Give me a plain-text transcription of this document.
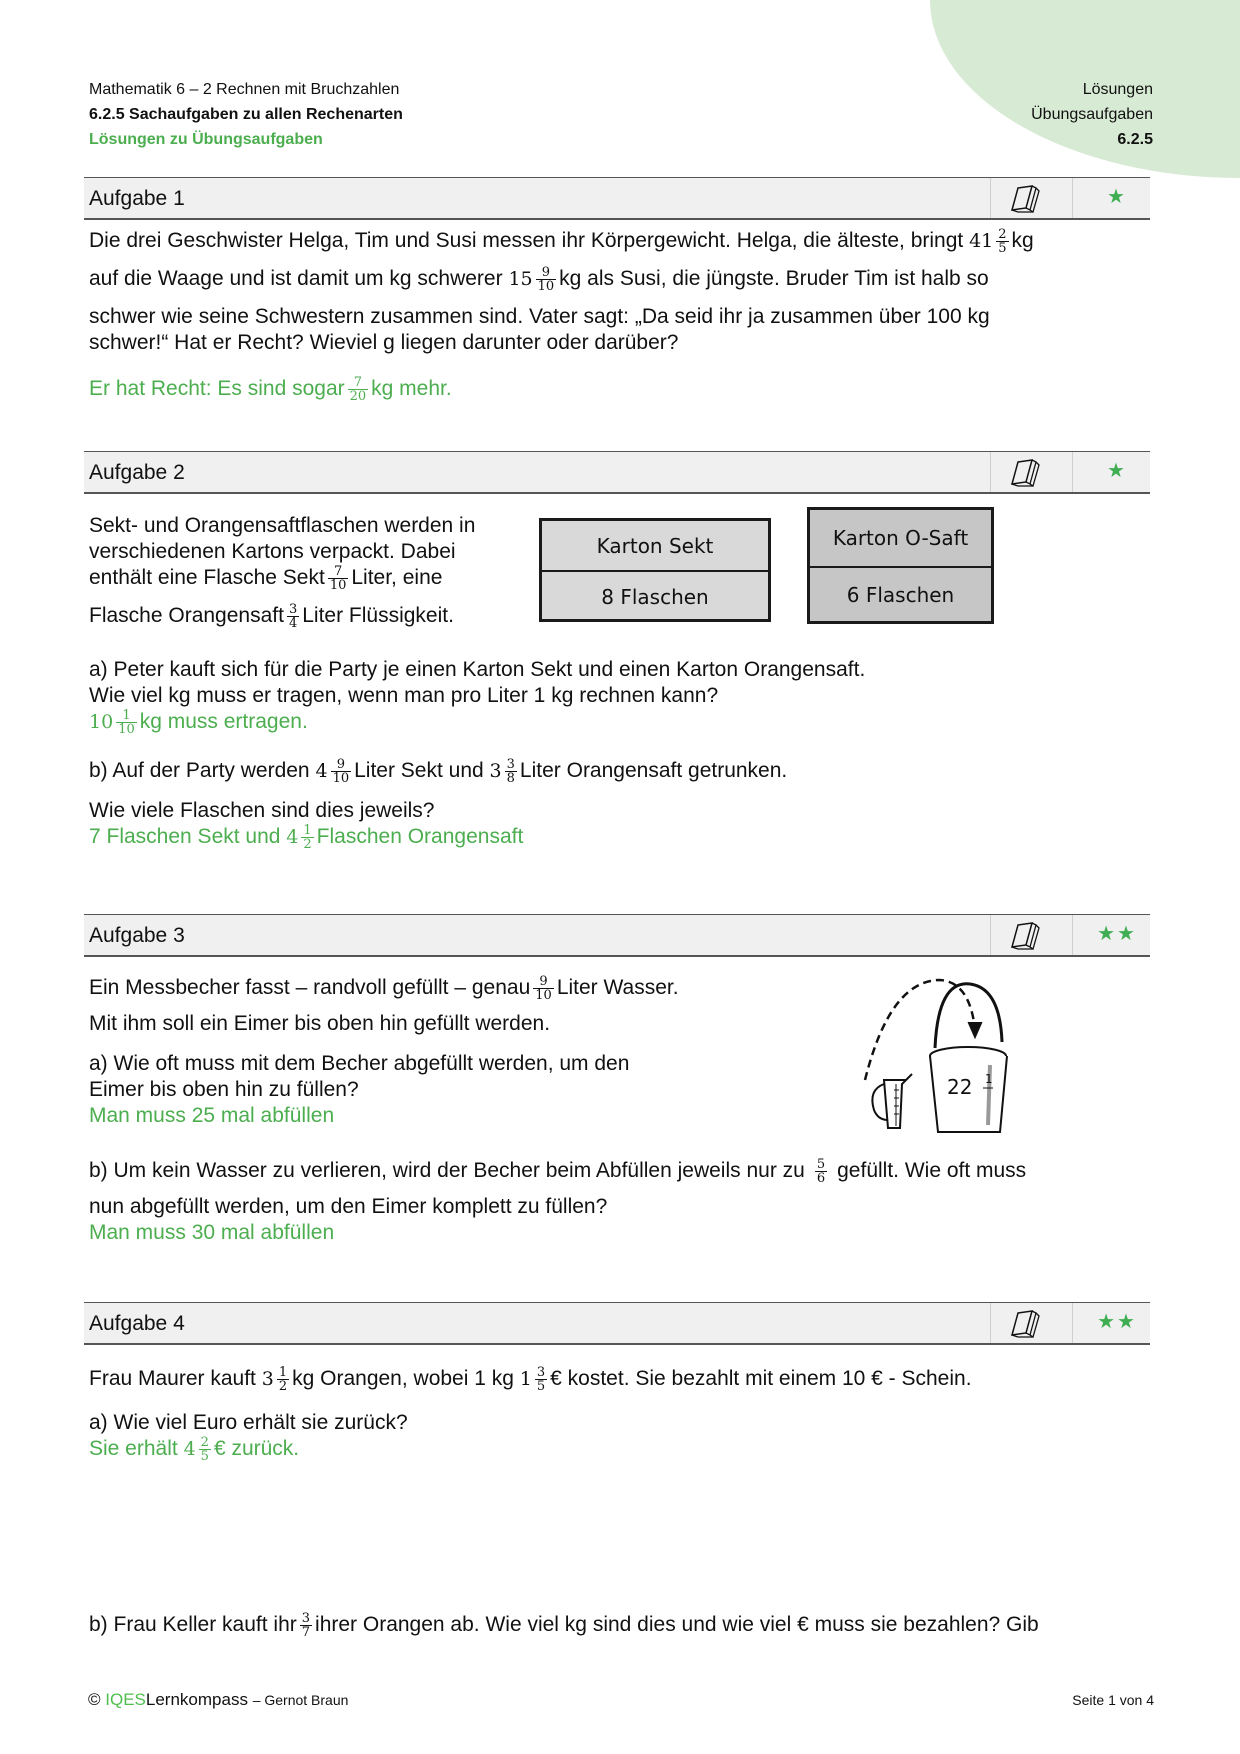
Mathematik 6 – 2 Rechnen mit Bruchzahlen
6.2.5 Sachaufgaben zu allen Rechenarten
Lösungen zu Übungsaufgaben
Lösungen
Übungsaufgaben
6.2.5
Aufgabe 1	★
Die drei Geschwister Helga, Tim und Susi messen ihr Körpergewicht. Helga, die älteste, bringt $41 \frac{2}{5}$ kg
auf die Waage und ist damit um kg schwerer $15 \frac{9}{10}$ kg als Susi, die jüngste. Bruder Tim ist halb so
schwer wie seine Schwestern zusammen sind. Vater sagt: „Da seid ihr ja zusammen über 100 kg
schwer!“ Hat er Recht? Wieviel g liegen darunter oder darüber?
Er hat Recht: Es sind sogar $\frac{7}{20}$ kg mehr.
Aufgabe 2	★
Sekt- und Orangensaftflaschen werden in
verschiedenen Kartons verpackt. Dabei
enthält eine Flasche Sekt $\frac{7}{10}$ Liter, eine
Flasche Orangensaft $\frac{3}{4}$ Liter Flüssigkeit.
Karton Sekt
8 Flaschen
Karton O-Saft
6 Flaschen
a) Peter kauft sich für die Party je einen Karton Sekt und einen Karton Orangensaft.
Wie viel kg muss er tragen, wenn man pro Liter 1 kg rechnen kann?
$10 \frac{1}{10}$ kg muss ertragen.
b) Auf der Party werden $4 \frac{9}{10}$ Liter Sekt und $3 \frac{3}{8}$ Liter Orangensaft getrunken.
Wie viele Flaschen sind dies jeweils?
7 Flaschen Sekt und $4 \frac{1}{2}$ Flaschen Orangensaft
Aufgabe 3	★★
Ein Messbecher fasst – randvoll gefüllt – genau $\frac{9}{10}$ Liter Wasser.
Mit ihm soll ein Eimer bis oben hin gefüllt werden.
a) Wie oft muss mit dem Becher abgefüllt werden, um den
Eimer bis oben hin zu füllen?
Man muss 25 mal abfüllen
22 1
b) Um kein Wasser zu verlieren, wird der Becher beim Abfüllen jeweils nur zu $\frac{5}{6}$ gefüllt. Wie oft muss
nun abgefüllt werden, um den Eimer komplett zu füllen?
Man muss 30 mal abfüllen
Aufgabe 4	★★
Frau Maurer kauft $3 \frac{1}{2}$ kg Orangen, wobei 1 kg $1 \frac{3}{5}$ € kostet. Sie bezahlt mit einem 10 € - Schein.
a) Wie viel Euro erhält sie zurück?
Sie erhält $4 \frac{2}{5}$ € zurück.
b) Frau Keller kauft ihr $\frac{3}{7}$ ihrer Orangen ab. Wie viel kg sind dies und wie viel € muss sie bezahlen? Gib
© IQESLernkompass – Gernot Braun	Seite 1 von 4
